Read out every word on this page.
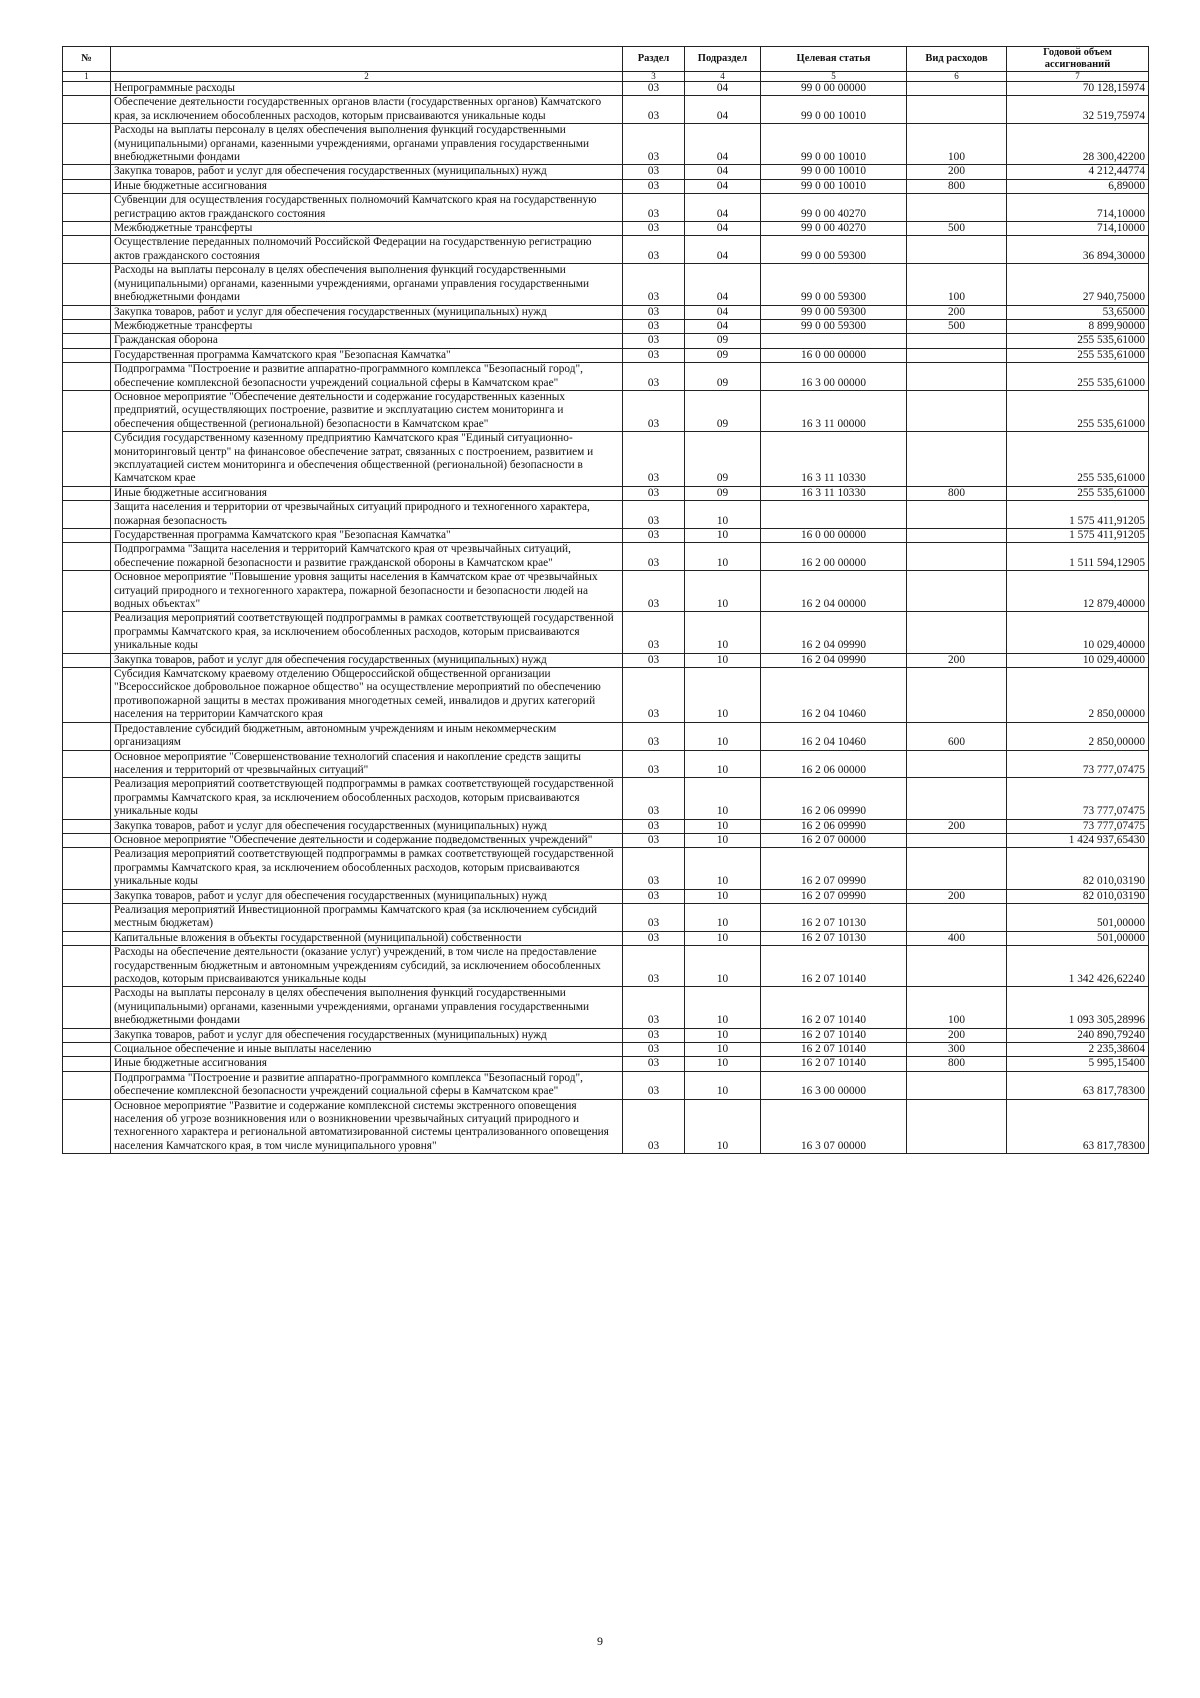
№		Раздел	Подраздел	Целевая статья	Вид расходов	Годовой объем ассигнований
1	2	3	4	5	6	7
	Непрограммные расходы	03	04	99 0 00 00000		70 128,15974
	Обеспечение деятельности государственных органов власти (государственных органов) Камчатского края, за исключением обособленных расходов, которым присваиваются уникальные коды	03	04	99 0 00 10010		32 519,75974
	Расходы на выплаты персоналу в целях обеспечения выполнения функций государственными (муниципальными) органами, казенными учреждениями, органами управления государственными внебюджетными фондами	03	04	99 0 00 10010	100	28 300,42200
	Закупка товаров, работ и услуг для обеспечения государственных (муниципальных) нужд	03	04	99 0 00 10010	200	4 212,44774
	Иные бюджетные ассигнования	03	04	99 0 00 10010	800	6,89000
	Субвенции для осуществления государственных полномочий Камчатского края на государственную регистрацию актов гражданского состояния	03	04	99 0 00 40270		714,10000
	Межбюджетные трансферты	03	04	99 0 00 40270	500	714,10000
	Осуществление переданных полномочий Российской Федерации на государственную регистрацию актов гражданского состояния	03	04	99 0 00 59300		36 894,30000
	Расходы на выплаты персоналу в целях обеспечения выполнения функций государственными (муниципальными) органами, казенными учреждениями, органами управления государственными внебюджетными фондами	03	04	99 0 00 59300	100	27 940,75000
	Закупка товаров, работ и услуг для обеспечения государственных (муниципальных) нужд	03	04	99 0 00 59300	200	53,65000
	Межбюджетные трансферты	03	04	99 0 00 59300	500	8 899,90000
	Гражданская оборона	03	09			255 535,61000
	Государственная программа Камчатского края "Безопасная Камчатка"	03	09	16 0 00 00000		255 535,61000
	Подпрограмма "Построение и развитие аппаратно-программного комплекса "Безопасный город", обеспечение комплексной безопасности учреждений социальной сферы в Камчатском крае"	03	09	16 3 00 00000		255 535,61000
	Основное мероприятие "Обеспечение деятельности и содержание государственных казенных предприятий, осуществляющих построение, развитие и эксплуатацию систем мониторинга и обеспечения общественной (региональной) безопасности в Камчатском крае"	03	09	16 3 11 00000		255 535,61000
	Субсидия государственному казенному предприятию Камчатского края "Единый ситуационно-мониторинговый центр" на финансовое обеспечение затрат, связанных с построением, развитием и эксплуатацией систем мониторинга и обеспечения общественной (региональной) безопасности в Камчатском крае	03	09	16 3 11 10330		255 535,61000
	Иные бюджетные ассигнования	03	09	16 3 11 10330	800	255 535,61000
	Защита населения и территории от чрезвычайных ситуаций природного и техногенного характера, пожарная безопасность	03	10			1 575 411,91205
	Государственная программа Камчатского края "Безопасная Камчатка"	03	10	16 0 00 00000		1 575 411,91205
	Подпрограмма "Защита населения и территорий Камчатского края от чрезвычайных ситуаций, обеспечение пожарной безопасности и развитие гражданской обороны в Камчатском крае"	03	10	16 2 00 00000		1 511 594,12905
	Основное мероприятие "Повышение уровня защиты населения в Камчатском крае от чрезвычайных ситуаций природного и техногенного характера, пожарной безопасности и безопасности людей на водных объектах"	03	10	16 2 04 00000		12 879,40000
	Реализация мероприятий соответствующей подпрограммы в рамках соответствующей государственной программы Камчатского края, за исключением обособленных расходов, которым присваиваются уникальные коды	03	10	16 2 04 09990		10 029,40000
	Закупка товаров, работ и услуг для обеспечения государственных (муниципальных) нужд	03	10	16 2 04 09990	200	10 029,40000
	Субсидия Камчатскому краевому отделению Общероссийской общественной организации "Всероссийское добровольное пожарное общество" на осуществление мероприятий по обеспечению противопожарной защиты в местах проживания многодетных семей, инвалидов и других категорий населения на территории Камчатского края	03	10	16 2 04 10460		2 850,00000
	Предоставление субсидий бюджетным, автономным учреждениям и иным некоммерческим организациям	03	10	16 2 04 10460	600	2 850,00000
	Основное мероприятие "Совершенствование технологий спасения и накопление средств защиты населения и территорий от чрезвычайных ситуаций"	03	10	16 2 06 00000		73 777,07475
	Реализация мероприятий соответствующей подпрограммы в рамках соответствующей государственной программы Камчатского края, за исключением обособленных расходов, которым присваиваются уникальные коды	03	10	16 2 06 09990		73 777,07475
	Закупка товаров, работ и услуг для обеспечения государственных (муниципальных) нужд	03	10	16 2 06 09990	200	73 777,07475
	Основное мероприятие "Обеспечение деятельности и содержание подведомственных учреждений"	03	10	16 2 07 00000		1 424 937,65430
	Реализация мероприятий соответствующей подпрограммы в рамках соответствующей государственной программы Камчатского края, за исключением обособленных расходов, которым присваиваются уникальные коды	03	10	16 2 07 09990		82 010,03190
	Закупка товаров, работ и услуг для обеспечения государственных (муниципальных) нужд	03	10	16 2 07 09990	200	82 010,03190
	Реализация мероприятий Инвестиционной программы Камчатского края (за исключением субсидий местным бюджетам)	03	10	16 2 07 10130		501,00000
	Капитальные вложения в объекты государственной (муниципальной) собственности	03	10	16 2 07 10130	400	501,00000
	Расходы на обеспечение деятельности (оказание услуг) учреждений, в том числе на предоставление государственным бюджетным и автономным учреждениям субсидий, за исключением обособленных расходов, которым присваиваются уникальные коды	03	10	16 2 07 10140		1 342 426,62240
	Расходы на выплаты персоналу в целях обеспечения выполнения функций государственными (муниципальными) органами, казенными учреждениями, органами управления государственными внебюджетными фондами	03	10	16 2 07 10140	100	1 093 305,28996
	Закупка товаров, работ и услуг для обеспечения государственных (муниципальных) нужд	03	10	16 2 07 10140	200	240 890,79240
	Социальное обеспечение и иные выплаты населению	03	10	16 2 07 10140	300	2 235,38604
	Иные бюджетные ассигнования	03	10	16 2 07 10140	800	5 995,15400
	Подпрограмма "Построение и развитие аппаратно-программного комплекса "Безопасный город", обеспечение комплексной безопасности учреждений социальной сферы в Камчатском крае"	03	10	16 3 00 00000		63 817,78300
	Основное мероприятие "Развитие и содержание комплексной системы экстренного оповещения населения об угрозе возникновения или о возникновении чрезвычайных ситуаций природного и техногенного характера и региональной автоматизированной системы централизованного оповещения населения Камчатского края, в том числе муниципального уровня"	03	10	16 3 07 00000		63 817,78300
9
